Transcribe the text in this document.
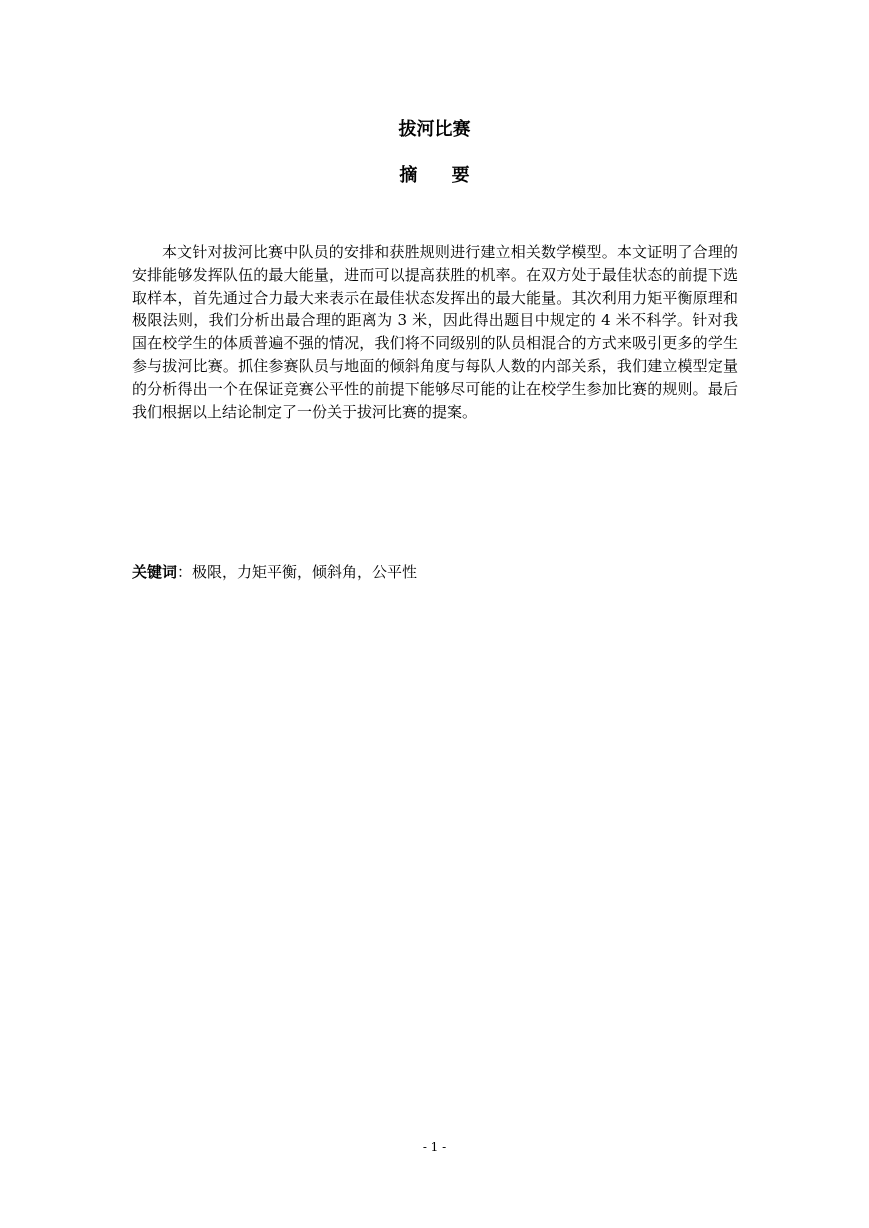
拔河比赛
摘 要

本文针对拔河比赛中队员的安排和获胜规则进行建立相关数学模型。本文证明了合理的安排能够发挥队伍的最大能量，进而可以提高获胜的机率。在双方处于最佳状态的前提下选取样本，首先通过合力最大来表示在最佳状态发挥出的最大能量。其次利用力矩平衡原理和极限法则，我们分析出最合理的距离为 3 米，因此得出题目中规定的 4 米不科学。针对我国在校学生的体质普遍不强的情况，我们将不同级别的队员相混合的方式来吸引更多的学生参与拔河比赛。抓住参赛队员与地面的倾斜角度与每队人数的内部关系，我们建立模型定量的分析得出一个在保证竞赛公平性的前提下能够尽可能的让在校学生参加比赛的规则。最后我们根据以上结论制定了一份关于拔河比赛的提案。

关键词：极限，力矩平衡，倾斜角，公平性
- 1 -
